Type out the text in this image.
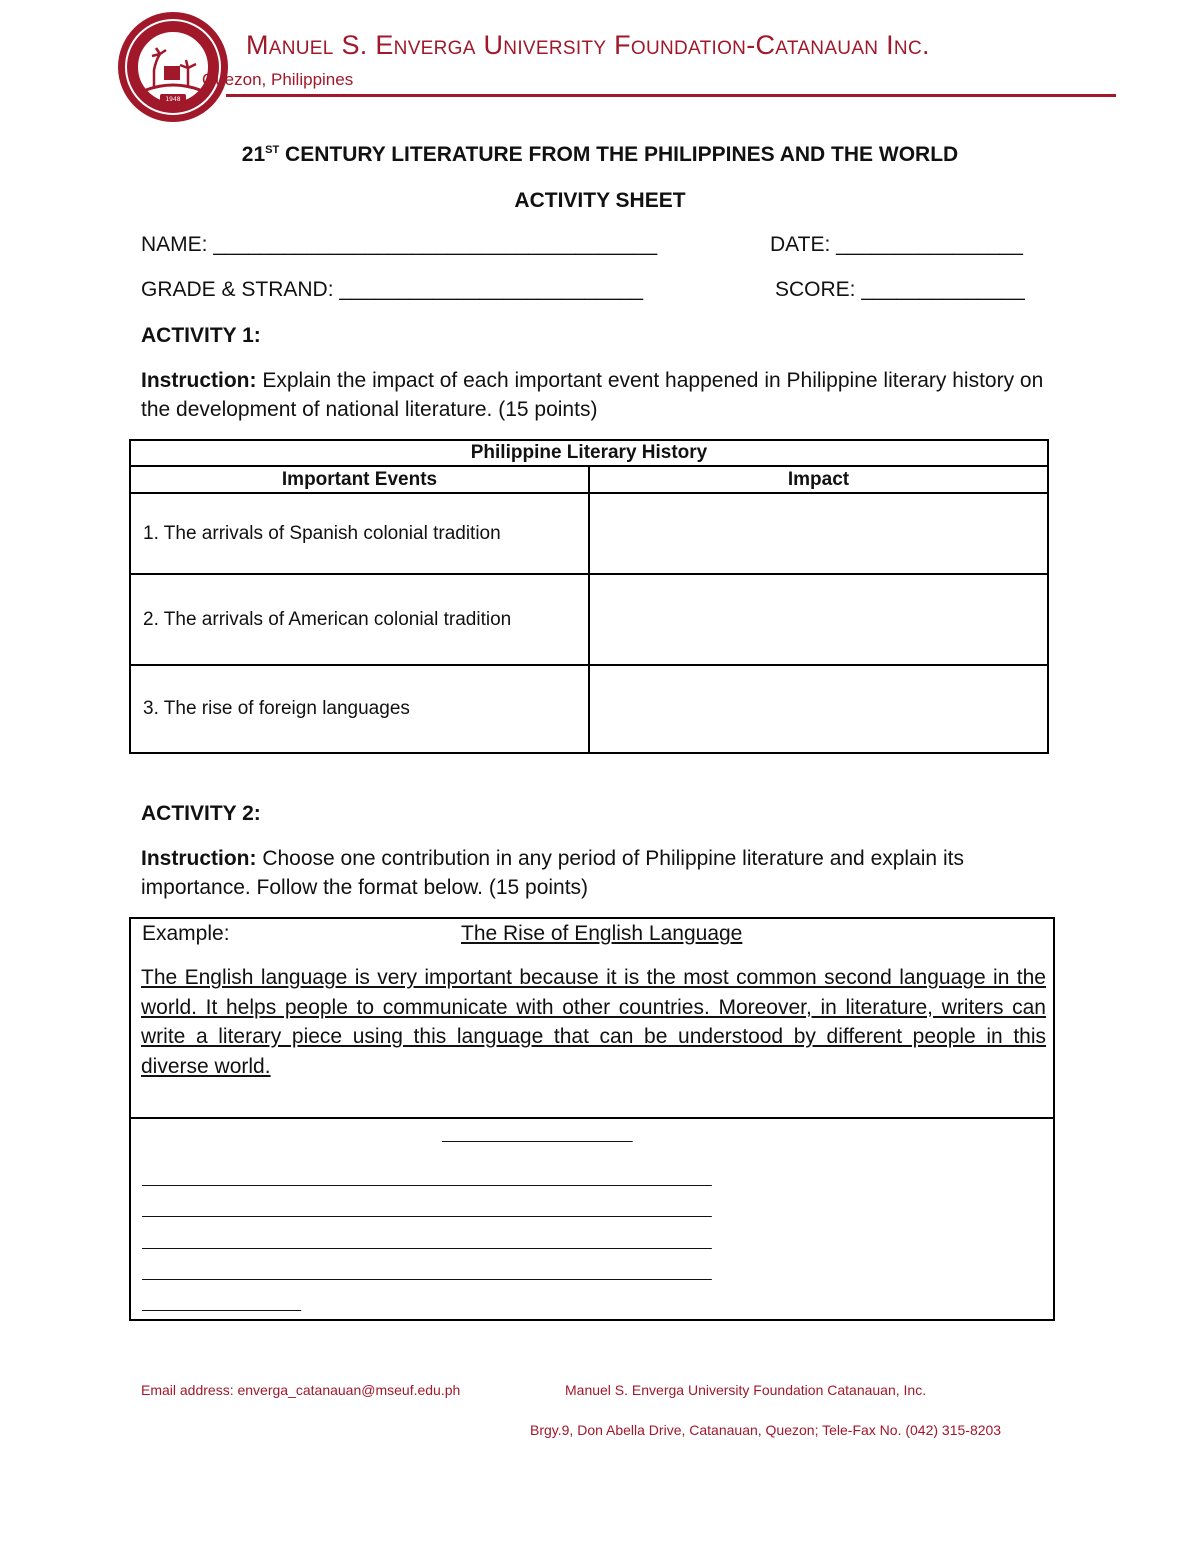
1948
Manuel S. Enverga University Foundation-Catanauan Inc.
Quezon, Philippines
21ST CENTURY LITERATURE FROM THE PHILIPPINES AND THE WORLD
ACTIVITY SHEET
NAME: ______________________________________	DATE: ________________
GRADE & STRAND: __________________________	SCORE: ______________
ACTIVITY 1:
Instruction: Explain the impact of each important event happened in Philippine literary history on the development of national literature. (15 points)
Philippine Literary History	
Important Events	Impact
1. The arrivals of Spanish colonial tradition	
2. The arrivals of American colonial tradition	
3. The rise of foreign languages	
ACTIVITY 2:
Instruction: Choose one contribution in any period of Philippine literature and explain its importance. Follow the format below. (15 points)
Example:	The Rise of English Language
The English language is very important because it is the most common second language in the world. It helps people to communicate with other countries. Moreover, in literature, writers can write a literary piece using this language that can be understood by different people in this diverse world.
________________________
________________________________________________________________________
________________________________________________________________________
________________________________________________________________________
________________________________________________________________________
____________________
Email address: enverga_catanauan@mseuf.edu.ph	Manuel S. Enverga University Foundation Catanauan, Inc.
Brgy.9, Don Abella Drive, Catanauan, Quezon; Tele-Fax No. (042) 315-8203
